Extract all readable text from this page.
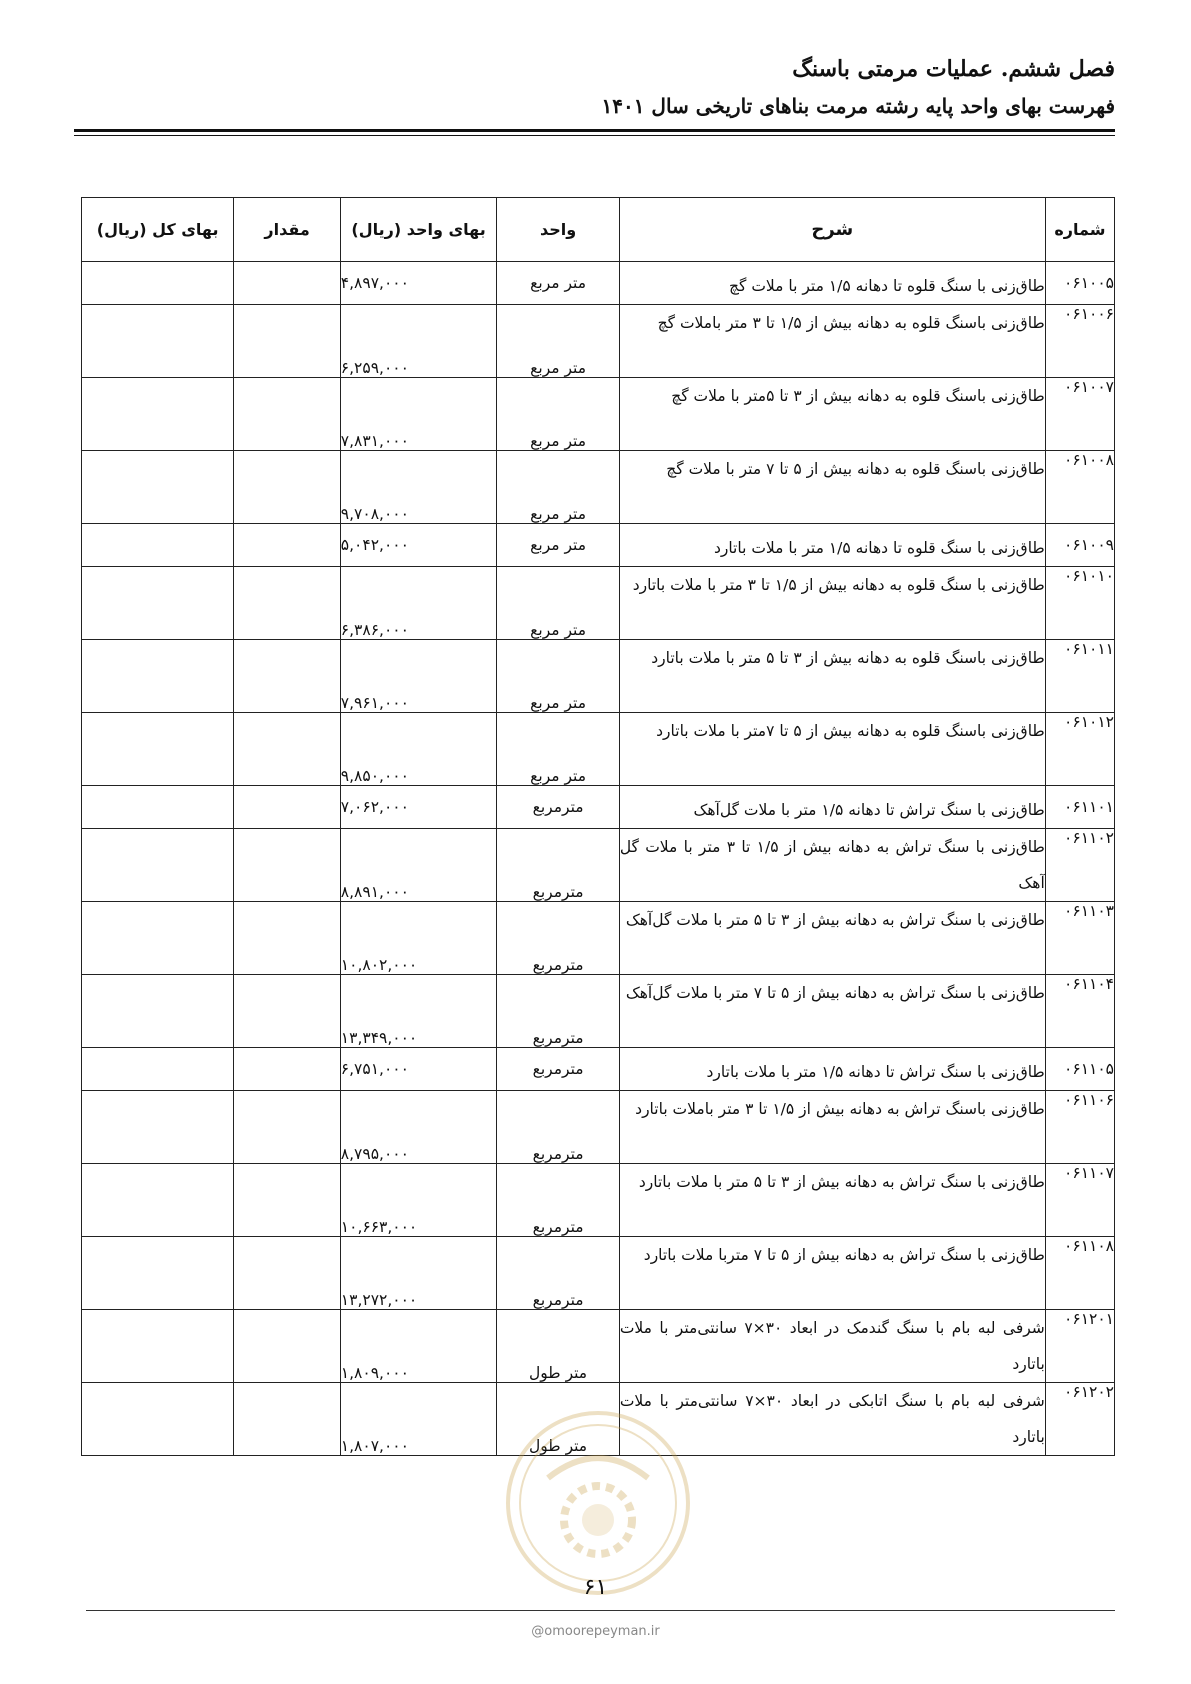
فصل ششم. عملیات مرمتی باسنگ
فهرست بهای واحد پایه رشته مرمت بناهای تاریخی سال ۱۴۰۱
شماره	شرح	واحد	بهای واحد (ریال)	مقدار	بهای کل (ریال)
۰۶۱۰۰۵	طاق‌زنی با سنگ قلوه تا دهانه ۱/۵ متر با ملات گچ	متر مربع	۴,۸۹۷,۰۰۰		
۰۶۱۰۰۶	طاق‌زنی باسنگ قلوه به دهانه بیش از ۱/۵ تا ۳ متر باملات گچ	متر مربع	۶,۲۵۹,۰۰۰		
۰۶۱۰۰۷	طاق‌زنی باسنگ قلوه به دهانه بیش از ۳ تا ۵متر با ملات گچ	متر مربع	۷,۸۳۱,۰۰۰		
۰۶۱۰۰۸	طاق‌زنی باسنگ قلوه به دهانه بیش از ۵ تا ۷ متر با ملات گچ	متر مربع	۹,۷۰۸,۰۰۰		
۰۶۱۰۰۹	طاق‌زنی با سنگ قلوه تا دهانه ۱/۵ متر با ملات باتارد	متر مربع	۵,۰۴۲,۰۰۰		
۰۶۱۰۱۰	طاق‌زنی با سنگ قلوه به دهانه بیش از ۱/۵ تا ۳ متر با ملات باتارد	متر مربع	۶,۳۸۶,۰۰۰		
۰۶۱۰۱۱	طاق‌زنی باسنگ قلوه به دهانه بیش از ۳ تا ۵ متر با ملات باتارد	متر مربع	۷,۹۶۱,۰۰۰		
۰۶۱۰۱۲	طاق‌زنی باسنگ قلوه به دهانه بیش از ۵ تا ۷متر با ملات باتارد	متر مربع	۹,۸۵۰,۰۰۰		
۰۶۱۱۰۱	طاق‌زنی با سنگ تراش تا دهانه ۱/۵ متر با ملات گل‌آهک	مترمربع	۷,۰۶۲,۰۰۰		
۰۶۱۱۰۲	طاق‌زنی با سنگ تراش به دهانه بیش از ۱/۵ تا ۳ متر با ملات گل آهک	مترمربع	۸,۸۹۱,۰۰۰		
۰۶۱۱۰۳	طاق‌زنی با سنگ تراش به دهانه بیش از ۳ تا ۵ متر با ملات گل‌آهک	مترمربع	۱۰,۸۰۲,۰۰۰		
۰۶۱۱۰۴	طاق‌زنی با سنگ تراش به دهانه بیش از ۵ تا ۷ متر با ملات گل‌آهک	مترمربع	۱۳,۳۴۹,۰۰۰		
۰۶۱۱۰۵	طاق‌زنی با سنگ تراش تا دهانه ۱/۵ متر با ملات باتارد	مترمربع	۶,۷۵۱,۰۰۰		
۰۶۱۱۰۶	طاق‌زنی باسنگ تراش به دهانه بیش از ۱/۵ تا ۳ متر باملات باتارد	مترمربع	۸,۷۹۵,۰۰۰		
۰۶۱۱۰۷	طاق‌زنی با سنگ تراش به دهانه بیش از ۳ تا ۵ متر با ملات باتارد	مترمربع	۱۰,۶۶۳,۰۰۰		
۰۶۱۱۰۸	طاق‌زنی با سنگ تراش به دهانه بیش از ۵ تا ۷ متربا ملات باتارد	مترمربع	۱۳,۲۷۲,۰۰۰		
۰۶۱۲۰۱	شرفی لبه بام با سنگ گندمک در ابعاد ۳۰×۷ سانتی‌متر با ملات باتارد	متر طول	۱,۸۰۹,۰۰۰		
۰۶۱۲۰۲	شرفی لبه بام با سنگ اتابکی در ابعاد ۳۰×۷ سانتی‌متر با ملات باتارد	متر طول	۱,۸۰۷,۰۰۰		
۶۱
@omoorepeyman.ir
